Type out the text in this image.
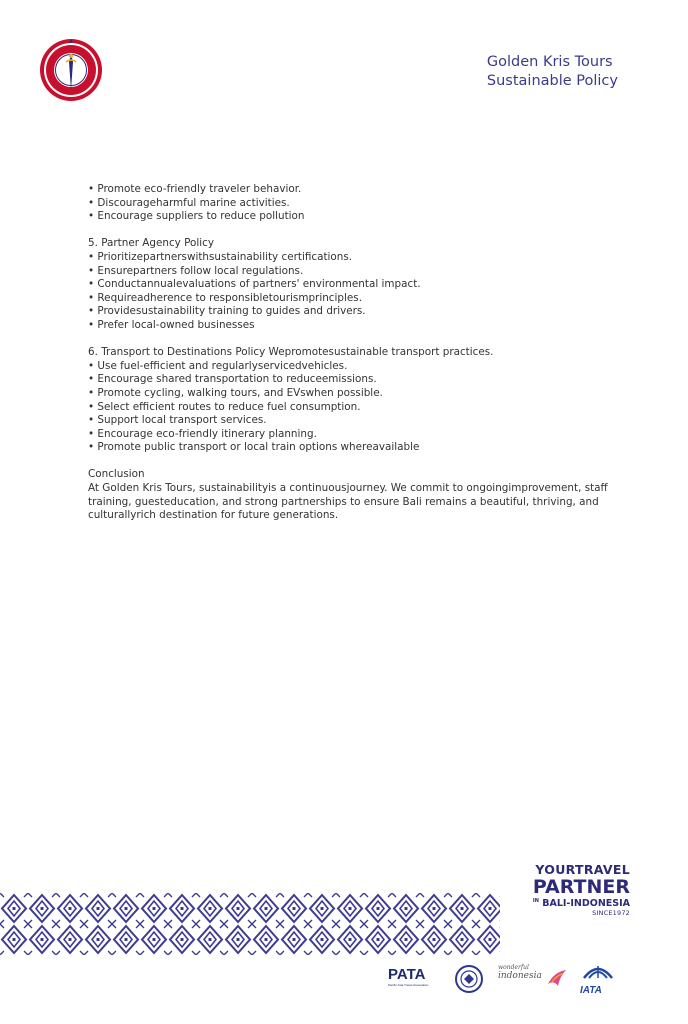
Golden Kris Tours
Sustainable Policy
• Promote eco-friendly traveler behavior.
• Discourageharmful marine activities.
• Encourage suppliers to reduce pollution
5. Partner Agency Policy
• Prioritizepartnerswithsustainability certifications.
• Ensurepartners follow local regulations.
• Conductannualevaluations of partners' environmental impact.
• Requireadherence to responsibletourismprinciples.
• Providesustainability training to guides and drivers.
• Prefer local-owned businesses
6. Transport to Destinations Policy Wepromotesustainable transport practices.
• Use fuel-efficient and regularlyservicedvehicles.
• Encourage shared transportation to reduceemissions.
• Promote cycling, walking tours, and EVswhen possible.
• Select efficient routes to reduce fuel consumption.
• Support local transport services.
• Encourage eco-friendly itinerary planning.
• Promote public transport or local train options whereavailable
Conclusion
At Golden Kris Tours, sustainabilityis a continuousjourney. We commit to ongoingimprovement, staff training, guesteducation, and strong partnerships to ensure Bali remains a beautiful, thriving, and culturallyrich destination for future generations.
YOURTRAVEL
PARTNER
$^{IN}$ BALI-INDONESIA
SINCE1972
PATA
Pacific Asia Travel Association
wonderful
indonesia
IATA
